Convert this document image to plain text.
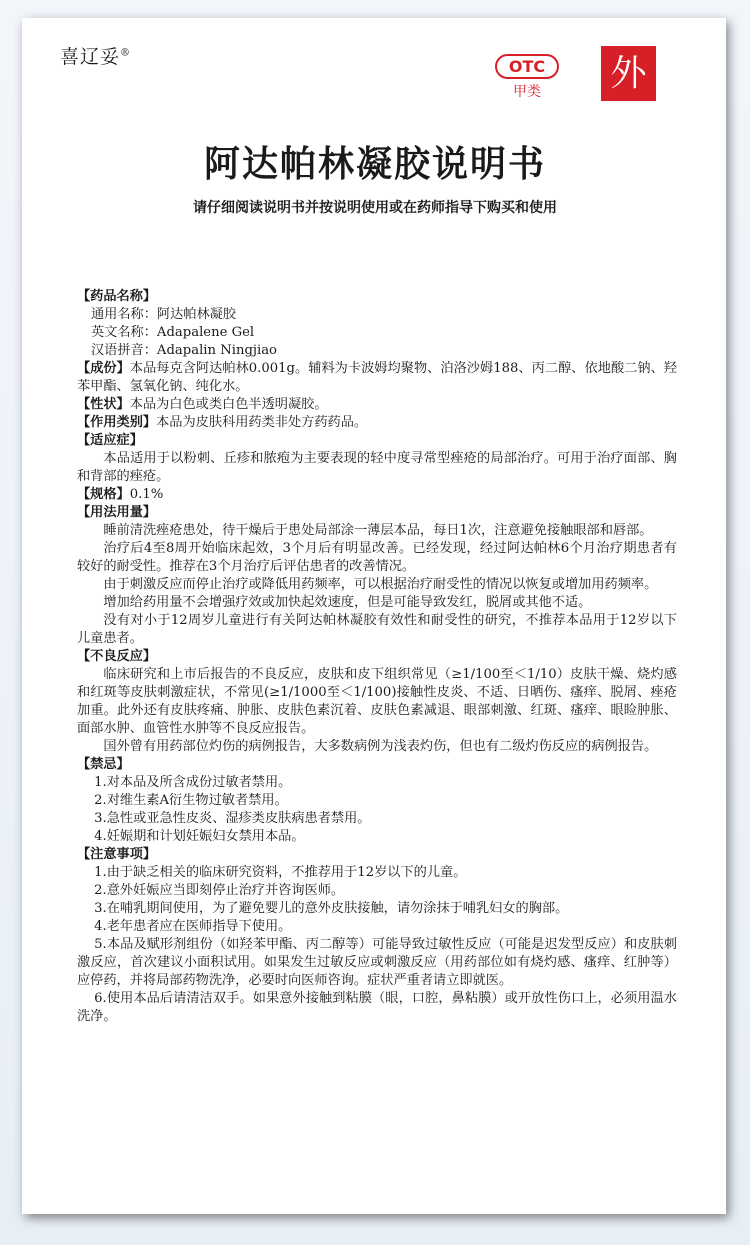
喜辽妥®
OTC
甲类	外
阿达帕林凝胶说明书
请仔细阅读说明书并按说明使用或在药师指导下购买和使用
【药品名称】
通用名称：阿达帕林凝胶
英文名称：Adapalene Gel
汉语拼音：Adapalin Ningjiao
【成份】本品每克含阿达帕林0.001g。辅料为卡波姆均聚物、泊洛沙姆188、丙二醇、依地酸二钠、羟苯甲酯、氢氧化钠、纯化水。
【性状】本品为白色或类白色半透明凝胶。
【作用类别】本品为皮肤科用药类非处方药药品。
【适应症】
本品适用于以粉刺、丘疹和脓疱为主要表现的轻中度寻常型痤疮的局部治疗。可用于治疗面部、胸和背部的痤疮。
【规格】0.1%
【用法用量】
睡前清洗痤疮患处，待干燥后于患处局部涂一薄层本品，每日1次，注意避免接触眼部和唇部。
治疗后4至8周开始临床起效，3个月后有明显改善。已经发现，经过阿达帕林6个月治疗期患者有较好的耐受性。推荐在3个月治疗后评估患者的改善情况。
由于刺激反应而停止治疗或降低用药频率，可以根据治疗耐受性的情况以恢复或增加用药频率。
增加给药用量不会增强疗效或加快起效速度，但是可能导致发红，脱屑或其他不适。
没有对小于12周岁儿童进行有关阿达帕林凝胶有效性和耐受性的研究，不推荐本品用于12岁以下儿童患者。
【不良反应】
临床研究和上市后报告的不良反应，皮肤和皮下组织常见（≥1/100至＜1/10）皮肤干燥、烧灼感和红斑等皮肤刺激症状，不常见(≥1/1000至＜1/100)接触性皮炎、不适、日晒伤、瘙痒、脱屑、痤疮加重。此外还有皮肤疼痛、肿胀、皮肤色素沉着、皮肤色素减退、眼部刺激、红斑、瘙痒、眼睑肿胀、面部水肿、血管性水肿等不良反应报告。
国外曾有用药部位灼伤的病例报告，大多数病例为浅表灼伤，但也有二级灼伤反应的病例报告。
【禁忌】
1.对本品及所含成份过敏者禁用。
2.对维生素A衍生物过敏者禁用。
3.急性或亚急性皮炎、湿疹类皮肤病患者禁用。
4.妊娠期和计划妊娠妇女禁用本品。
【注意事项】
1.由于缺乏相关的临床研究资料，不推荐用于12岁以下的儿童。
2.意外妊娠应当即刻停止治疗并咨询医师。
3.在哺乳期间使用，为了避免婴儿的意外皮肤接触，请勿涂抹于哺乳妇女的胸部。
4.老年患者应在医师指导下使用。
5.本品及赋形剂组份（如羟苯甲酯、丙二醇等）可能导致过敏性反应（可能是迟发型反应）和皮肤刺激反应，首次建议小面积试用。如果发生过敏反应或刺激反应（用药部位如有烧灼感、瘙痒、红肿等）应停药，并将局部药物洗净，必要时向医师咨询。症状严重者请立即就医。
6.使用本品后请清洁双手。如果意外接触到粘膜（眼，口腔，鼻粘膜）或开放性伤口上，必须用温水洗净。
